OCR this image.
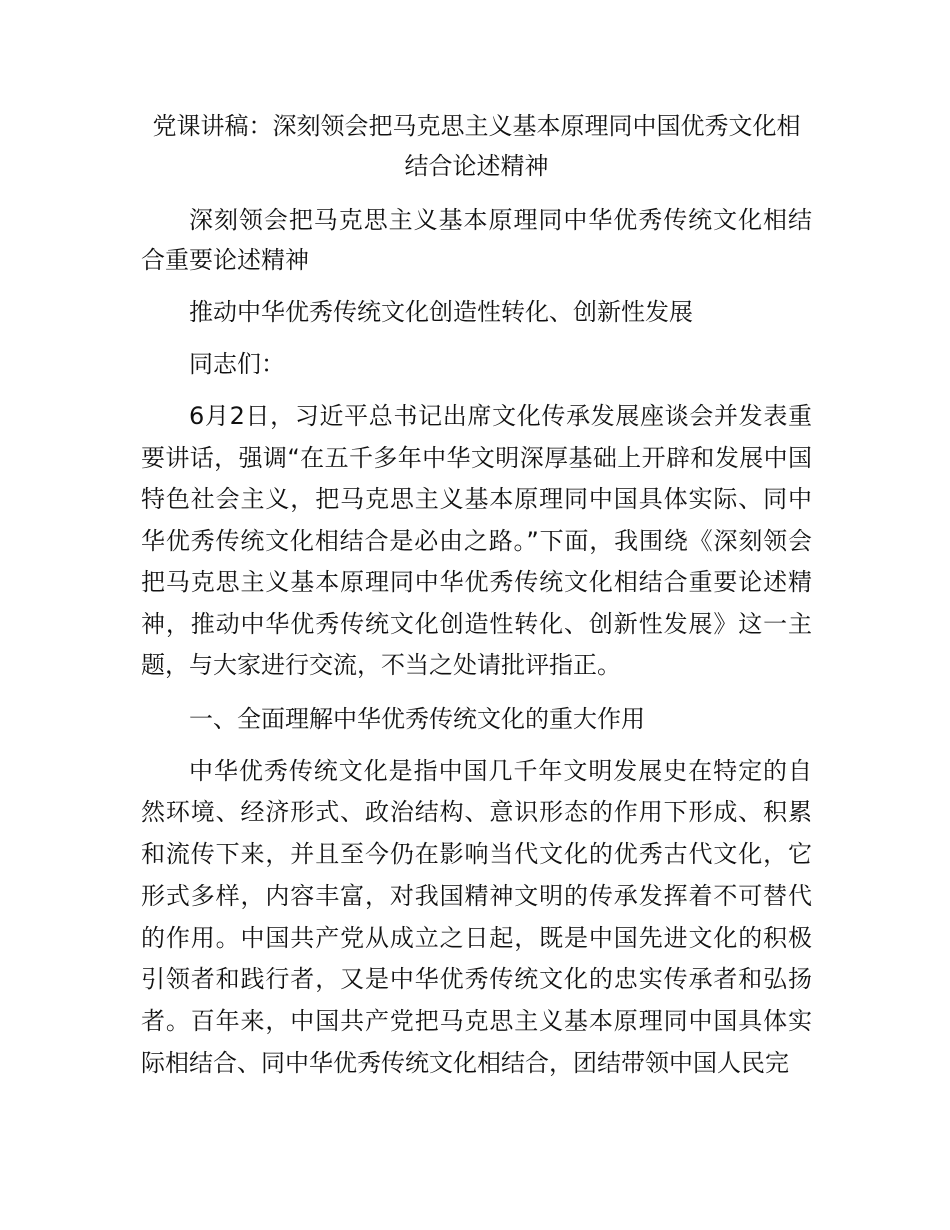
党课讲稿：深刻领会把马克思主义基本原理同中国优秀文化相结合论述精神

深刻领会把马克思主义基本原理同中华优秀传统文化相结合重要论述精神

推动中华优秀传统文化创造性转化、创新性发展

同志们：

6月2日，习近平总书记出席文化传承发展座谈会并发表重要讲话，强调“在五千多年中华文明深厚基础上开辟和发展中国特色社会主义，把马克思主义基本原理同中国具体实际、同中华优秀传统文化相结合是必由之路。”下面，我围绕《深刻领会把马克思主义基本原理同中华优秀传统文化相结合重要论述精神，推动中华优秀传统文化创造性转化、创新性发展》这一主题，与大家进行交流，不当之处请批评指正。

一、全面理解中华优秀传统文化的重大作用

中华优秀传统文化是指中国几千年文明发展史在特定的自然环境、经济形式、政治结构、意识形态的作用下形成、积累和流传下来，并且至今仍在影响当代文化的优秀古代文化，它形式多样，内容丰富，对我国精神文明的传承发挥着不可替代的作用。中国共产党从成立之日起，既是中国先进文化的积极引领者和践行者，又是中华优秀传统文化的忠实传承者和弘扬者。百年来，中国共产党把马克思主义基本原理同中国具体实际相结合、同中华优秀传统文化相结合，团结带领中国人民完
